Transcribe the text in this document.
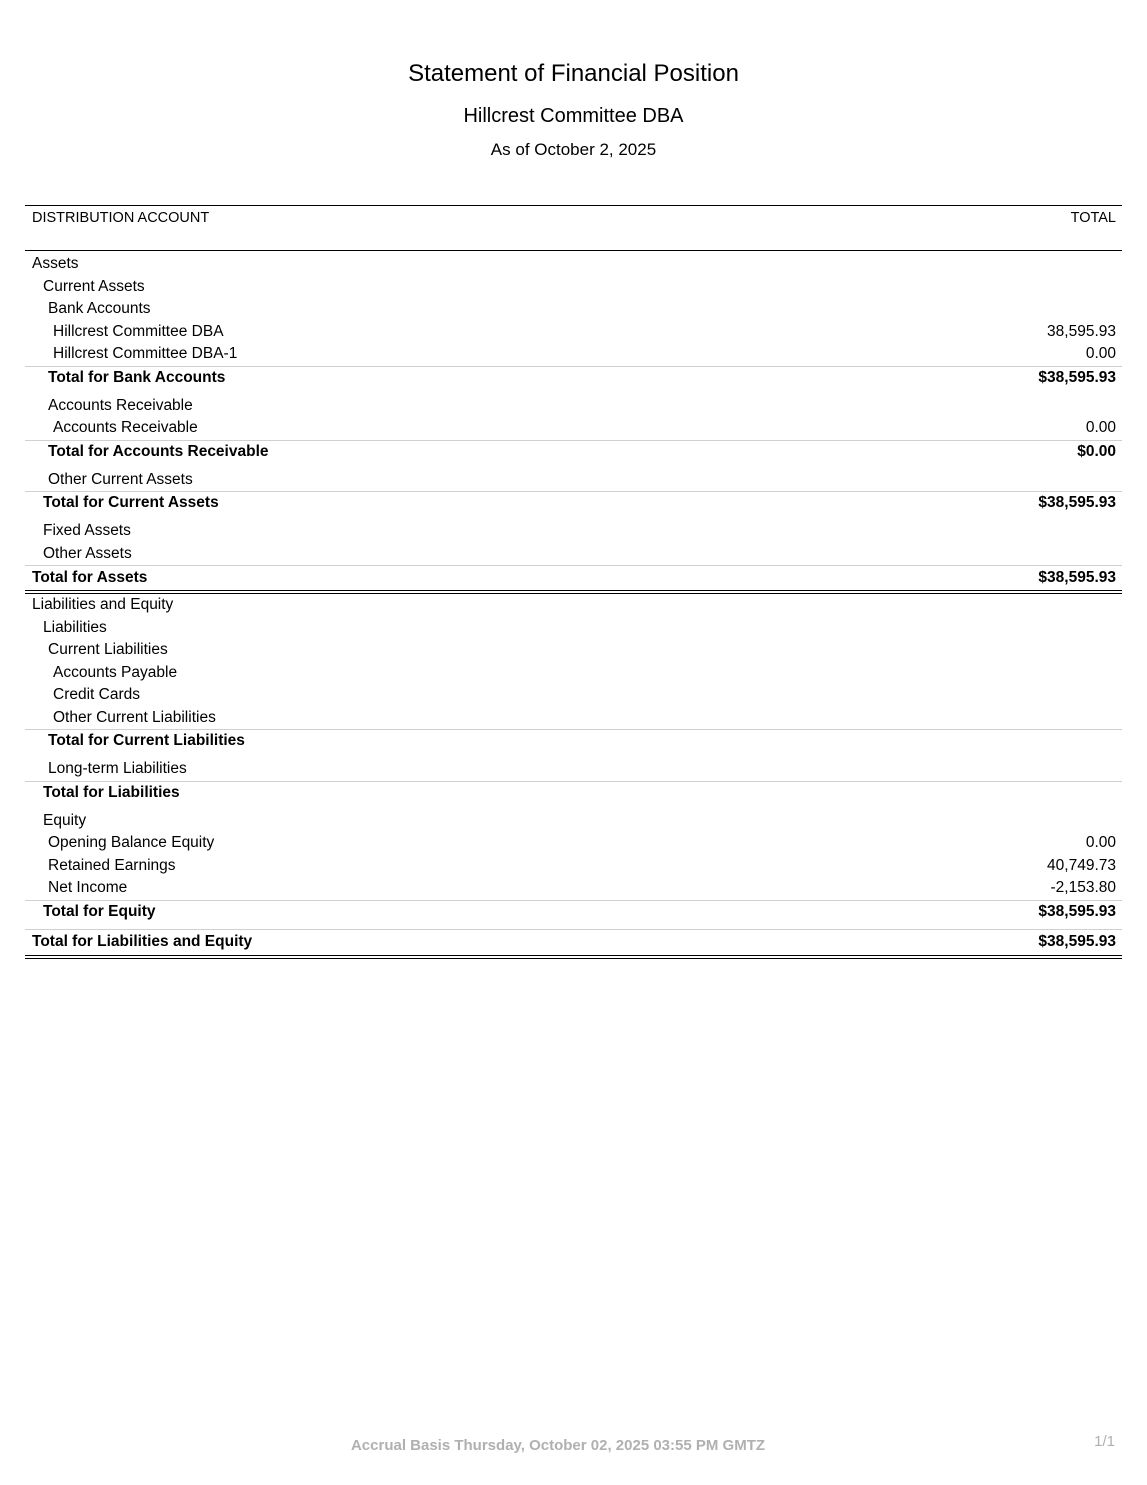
Statement of Financial Position
Hillcrest Committee DBA
As of October 2, 2025
DISTRIBUTION ACCOUNT	TOTAL
Assets
Current Assets
Bank Accounts
Hillcrest Committee DBA	38,595.93
Hillcrest Committee DBA-1	0.00
Total for Bank Accounts	$38,595.93
Accounts Receivable
Accounts Receivable	0.00
Total for Accounts Receivable	$0.00
Other Current Assets
Total for Current Assets	$38,595.93
Fixed Assets
Other Assets
Total for Assets	$38,595.93
Liabilities and Equity
Liabilities
Current Liabilities
Accounts Payable
Credit Cards
Other Current Liabilities
Total for Current Liabilities
Long-term Liabilities
Total for Liabilities
Equity
Opening Balance Equity	0.00
Retained Earnings	40,749.73
Net Income	-2,153.80
Total for Equity	$38,595.93
Total for Liabilities and Equity	$38,595.93
Accrual Basis Thursday, October 02, 2025 03:55 PM GMTZ	1/1
